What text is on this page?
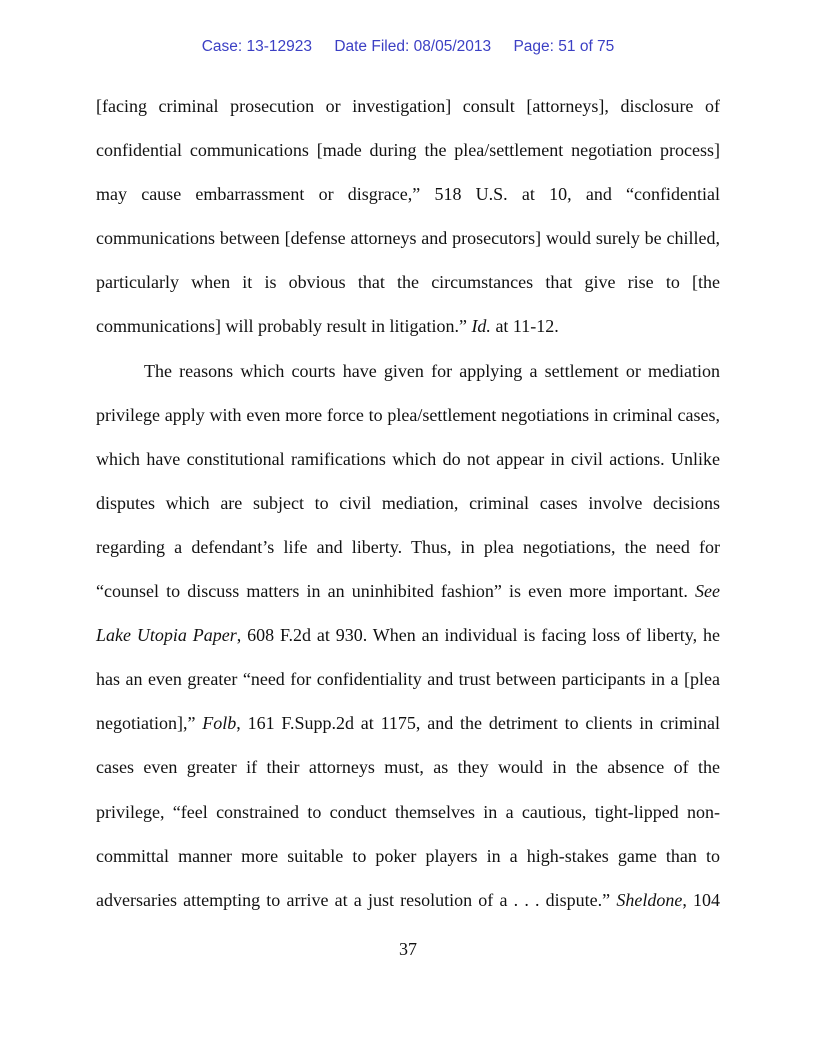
Case: 13-12923 Date Filed: 08/05/2013 Page: 51 of 75

[facing criminal prosecution or investigation] consult [attorneys], disclosure of
confidential communications [made during the plea/settlement negotiation process]
may cause embarrassment or disgrace,” 518 U.S. at 10, and “confidential
communications between [defense attorneys and prosecutors] would surely be chilled,
particularly when it is obvious that the circumstances that give rise to [the
communications] will probably result in litigation.” Id. at 11-12.

The reasons which courts have given for applying a settlement or mediation
privilege apply with even more force to plea/settlement negotiations in criminal cases,
which have constitutional ramifications which do not appear in civil actions. Unlike
disputes which are subject to civil mediation, criminal cases involve decisions
regarding a defendant’s life and liberty. Thus, in plea negotiations, the need for
“counsel to discuss matters in an uninhibited fashion” is even more important. See
Lake Utopia Paper, 608 F.2d at 930. When an individual is facing loss of liberty, he
has an even greater “need for confidentiality and trust between participants in a [plea
negotiation],” Folb, 161 F.Supp.2d at 1175, and the detriment to clients in criminal
cases even greater if their attorneys must, as they would in the absence of the
privilege, “feel constrained to conduct themselves in a cautious, tight-lipped non-
committal manner more suitable to poker players in a high-stakes game than to
adversaries attempting to arrive at a just resolution of a . . . dispute.” Sheldone, 104

37
